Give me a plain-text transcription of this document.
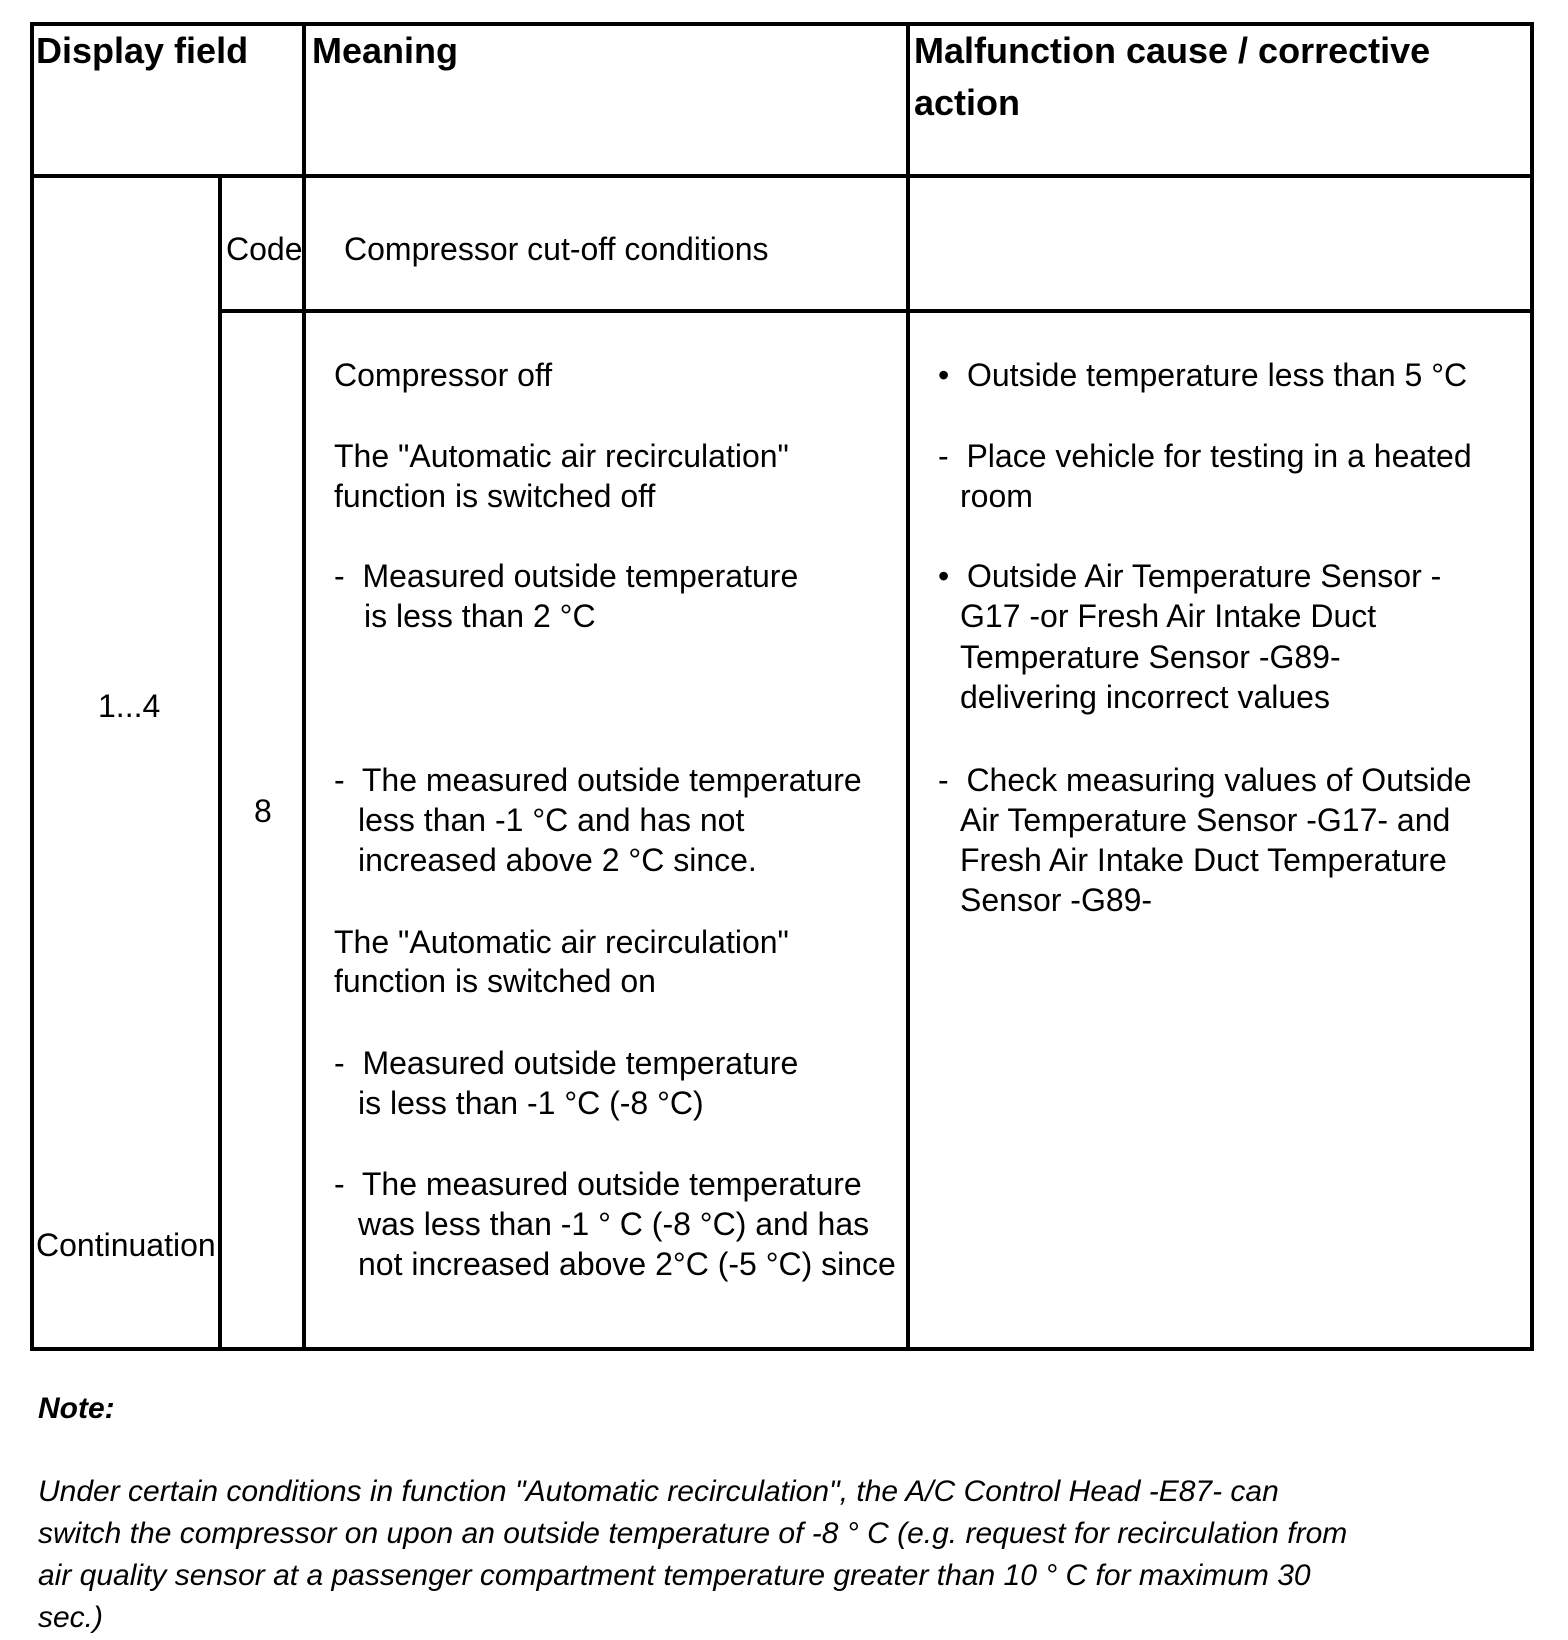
Display field Meaning	Malfunction cause / corrective
action
Code Compressor cut-off conditions
1...4
Continuation
8
Compressor off
The "Automatic air recirculation"
function is switched off
-  Measured outside temperature
is less than 2 °C
-  The measured outside temperature
less than -1 °C and has not
increased above 2 °C since.
The "Automatic air recirculation"
function is switched on
-  Measured outside temperature
is less than -1 °C (-8 °C)
-  The measured outside temperature
was less than -1 ° C (-8 °C) and has
not increased above 2°C (-5 °C) since
•  Outside temperature less than 5 °C
-  Place vehicle for testing in a heated
room
•  Outside Air Temperature Sensor -
G17 -or Fresh Air Intake Duct
Temperature Sensor -G89-
delivering incorrect values
-  Check measuring values of Outside
Air Temperature Sensor -G17- and
Fresh Air Intake Duct Temperature
Sensor -G89-
Note:
Under certain conditions in function "Automatic recirculation", the A/C Control Head -E87- can
switch the compressor on upon an outside temperature of -8 ° C (e.g. request for recirculation from
air quality sensor at a passenger compartment temperature greater than 10 ° C for maximum 30
sec.)
